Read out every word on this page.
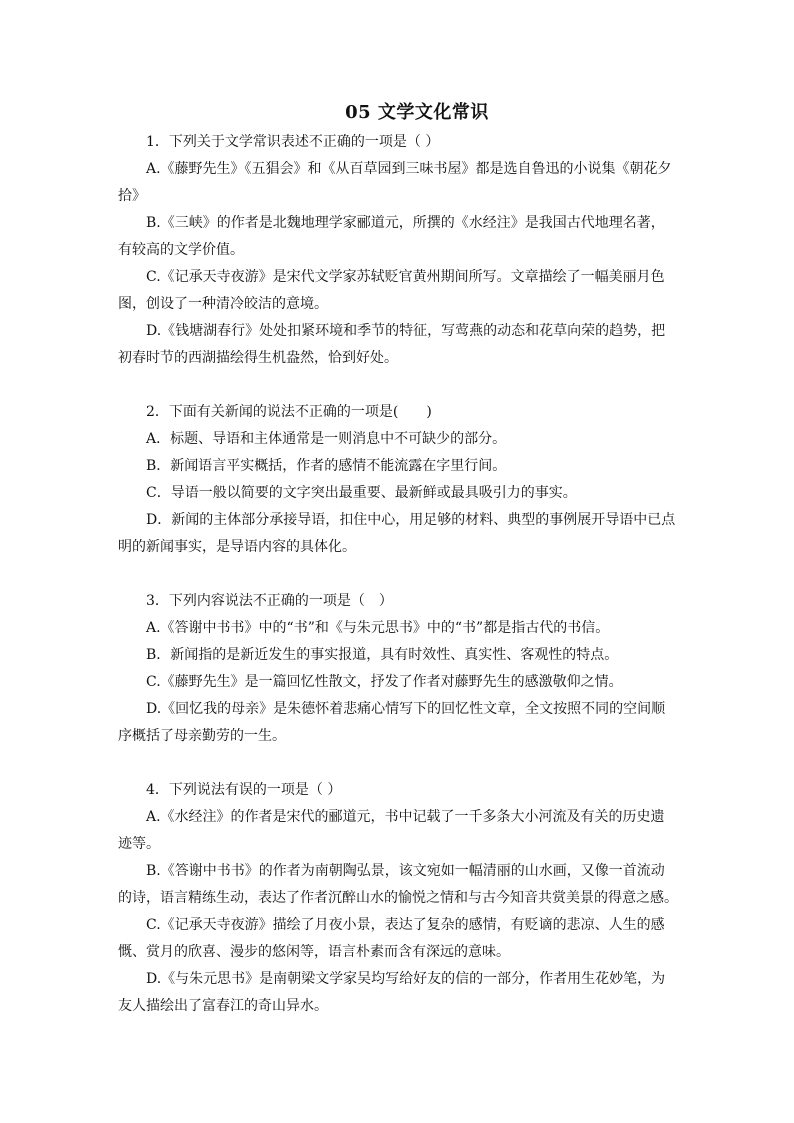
05 文学文化常识

1．下列关于文学常识表述不正确的一项是（ ）

A.《藤野先生》《五猖会》和《从百草园到三味书屋》都是选自鲁迅的小说集《朝花夕拾》

B.《三峡》的作者是北魏地理学家郦道元，所撰的《水经注》是我国古代地理名著，有较高的文学价值。

C.《记承天寺夜游》是宋代文学家苏轼贬官黄州期间所写。文章描绘了一幅美丽月色图，创设了一种清冷皎洁的意境。

D.《钱塘湖春行》处处扣紧环境和季节的特征，写莺燕的动态和花草向荣的趋势，把初春时节的西湖描绘得生机盎然，恰到好处。

2．下面有关新闻的说法不正确的一项是(　　)

A．标题、导语和主体通常是一则消息中不可缺少的部分。

B．新闻语言平实概括，作者的感情不能流露在字里行间。

C．导语一般以简要的文字突出最重要、最新鲜或最具吸引力的事实。

D．新闻的主体部分承接导语，扣住中心，用足够的材料、典型的事例展开导语中已点明的新闻事实，是导语内容的具体化。

3．下列内容说法不正确的一项是（　）

A.《答谢中书书》中的“书”和《与朱元思书》中的“书”都是指古代的书信。

B．新闻指的是新近发生的事实报道，具有时效性、真实性、客观性的特点。

C.《藤野先生》是一篇回忆性散文，抒发了作者对藤野先生的感激敬仰之情。

D.《回忆我的母亲》是朱德怀着悲痛心情写下的回忆性文章，全文按照不同的空间顺序概括了母亲勤劳的一生。

4．下列说法有误的一项是（ ）

A.《水经注》的作者是宋代的郦道元，书中记载了一千多条大小河流及有关的历史遗迹等。

B.《答谢中书书》的作者为南朝陶弘景，该文宛如一幅清丽的山水画，又像一首流动的诗，语言精练生动，表达了作者沉醉山水的愉悦之情和与古今知音共赏美景的得意之感。

C.《记承天寺夜游》描绘了月夜小景，表达了复杂的感情，有贬谪的悲凉、人生的感慨、赏月的欣喜、漫步的悠闲等，语言朴素而含有深远的意味。

D.《与朱元思书》是南朝梁文学家吴均写给好友的信的一部分，作者用生花妙笔，为友人描绘出了富春江的奇山异水。
